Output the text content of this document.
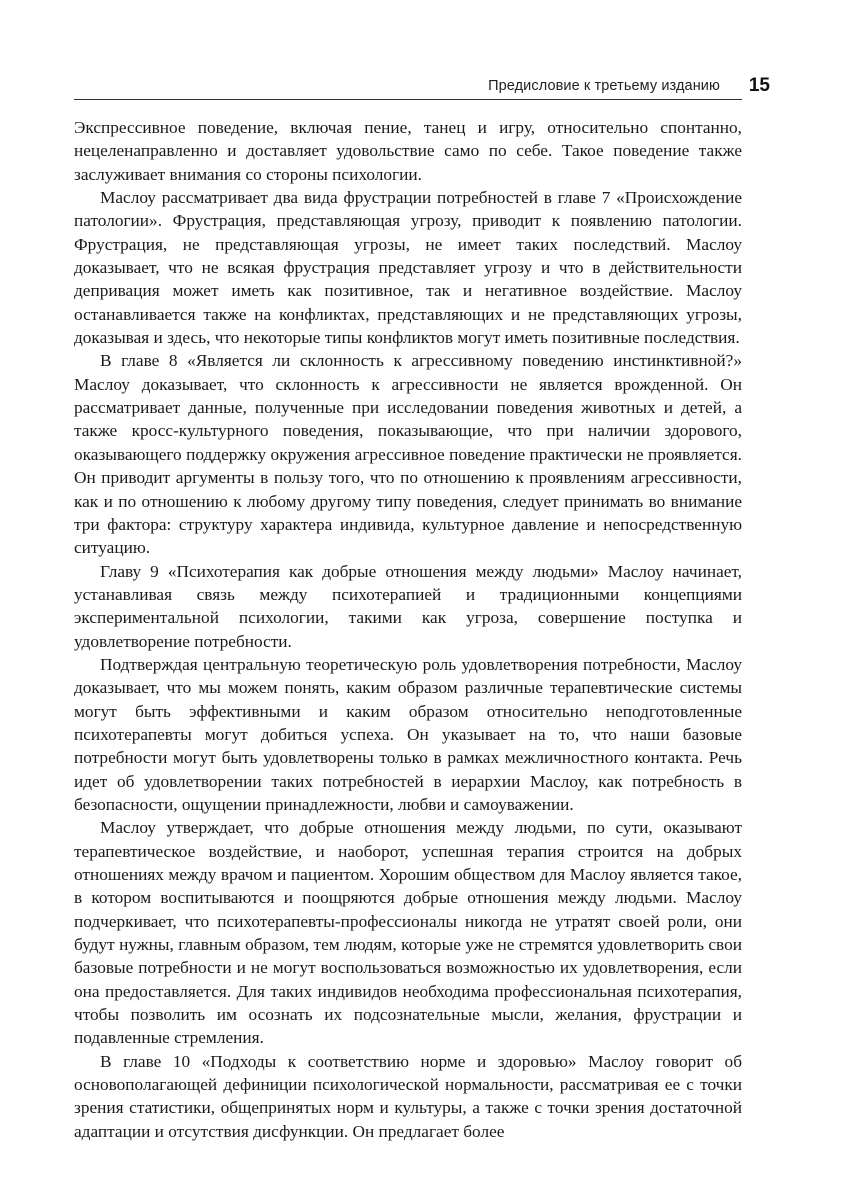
Предисловие к третьему изданию 15

Экспрессивное поведение, включая пение, танец и игру, относительно спонтанно, нецеленаправленно и доставляет удовольствие само по себе. Такое поведение также заслуживает внимания со стороны психологии.

Маслоу рассматривает два вида фрустрации потребностей в главе 7 «Происхождение патологии». Фрустрация, представляющая угрозу, приводит к появлению патологии. Фрустрация, не представляющая угрозы, не имеет таких последствий. Маслоу доказывает, что не всякая фрустрация представляет угрозу и что в действительности депривация может иметь как позитивное, так и негативное воздействие. Маслоу останавливается также на конфликтах, представляющих и не представляющих угрозы, доказывая и здесь, что некоторые типы конфликтов могут иметь позитивные последствия.

В главе 8 «Является ли склонность к агрессивному поведению инстинктивной?» Маслоу доказывает, что склонность к агрессивности не является врожденной. Он рассматривает данные, полученные при исследовании поведения животных и детей, а также кросс-культурного поведения, показывающие, что при наличии здорового, оказывающего поддержку окружения агрессивное поведение практически не проявляется. Он приводит аргументы в пользу того, что по отношению к проявлениям агрессивности, как и по отношению к любому другому типу поведения, следует принимать во внимание три фактора: структуру характера индивида, культурное давление и непосредственную ситуацию.

Главу 9 «Психотерапия как добрые отношения между людьми» Маслоу начинает, устанавливая связь между психотерапией и традиционными концепциями экспериментальной психологии, такими как угроза, совершение поступка и удовлетворение потребности.

Подтверждая центральную теоретическую роль удовлетворения потребности, Маслоу доказывает, что мы можем понять, каким образом различные терапевтические системы могут быть эффективными и каким образом относительно неподготовленные психотерапевты могут добиться успеха. Он указывает на то, что наши базовые потребности могут быть удовлетворены только в рамках межличностного контакта. Речь идет об удовлетворении таких потребностей в иерархии Маслоу, как потребность в безопасности, ощущении принадлежности, любви и самоуважении.

Маслоу утверждает, что добрые отношения между людьми, по сути, оказывают терапевтическое воздействие, и наоборот, успешная терапия строится на добрых отношениях между врачом и пациентом. Хорошим обществом для Маслоу является такое, в котором воспитываются и поощряются добрые отношения между людьми. Маслоу подчеркивает, что психотерапевты-профессионалы никогда не утратят своей роли, они будут нужны, главным образом, тем людям, которые уже не стремятся удовлетворить свои базовые потребности и не могут воспользоваться возможностью их удовлетворения, если она предоставляется. Для таких индивидов необходима профессиональная психотерапия, чтобы позволить им осознать их подсознательные мысли, желания, фрустрации и подавленные стремления.

В главе 10 «Подходы к соответствию норме и здоровью» Маслоу говорит об основополагающей дефиниции психологической нормальности, рассматривая ее с точки зрения статистики, общепринятых норм и культуры, а также с точки зрения достаточной адаптации и отсутствия дисфункции. Он предлагает более
